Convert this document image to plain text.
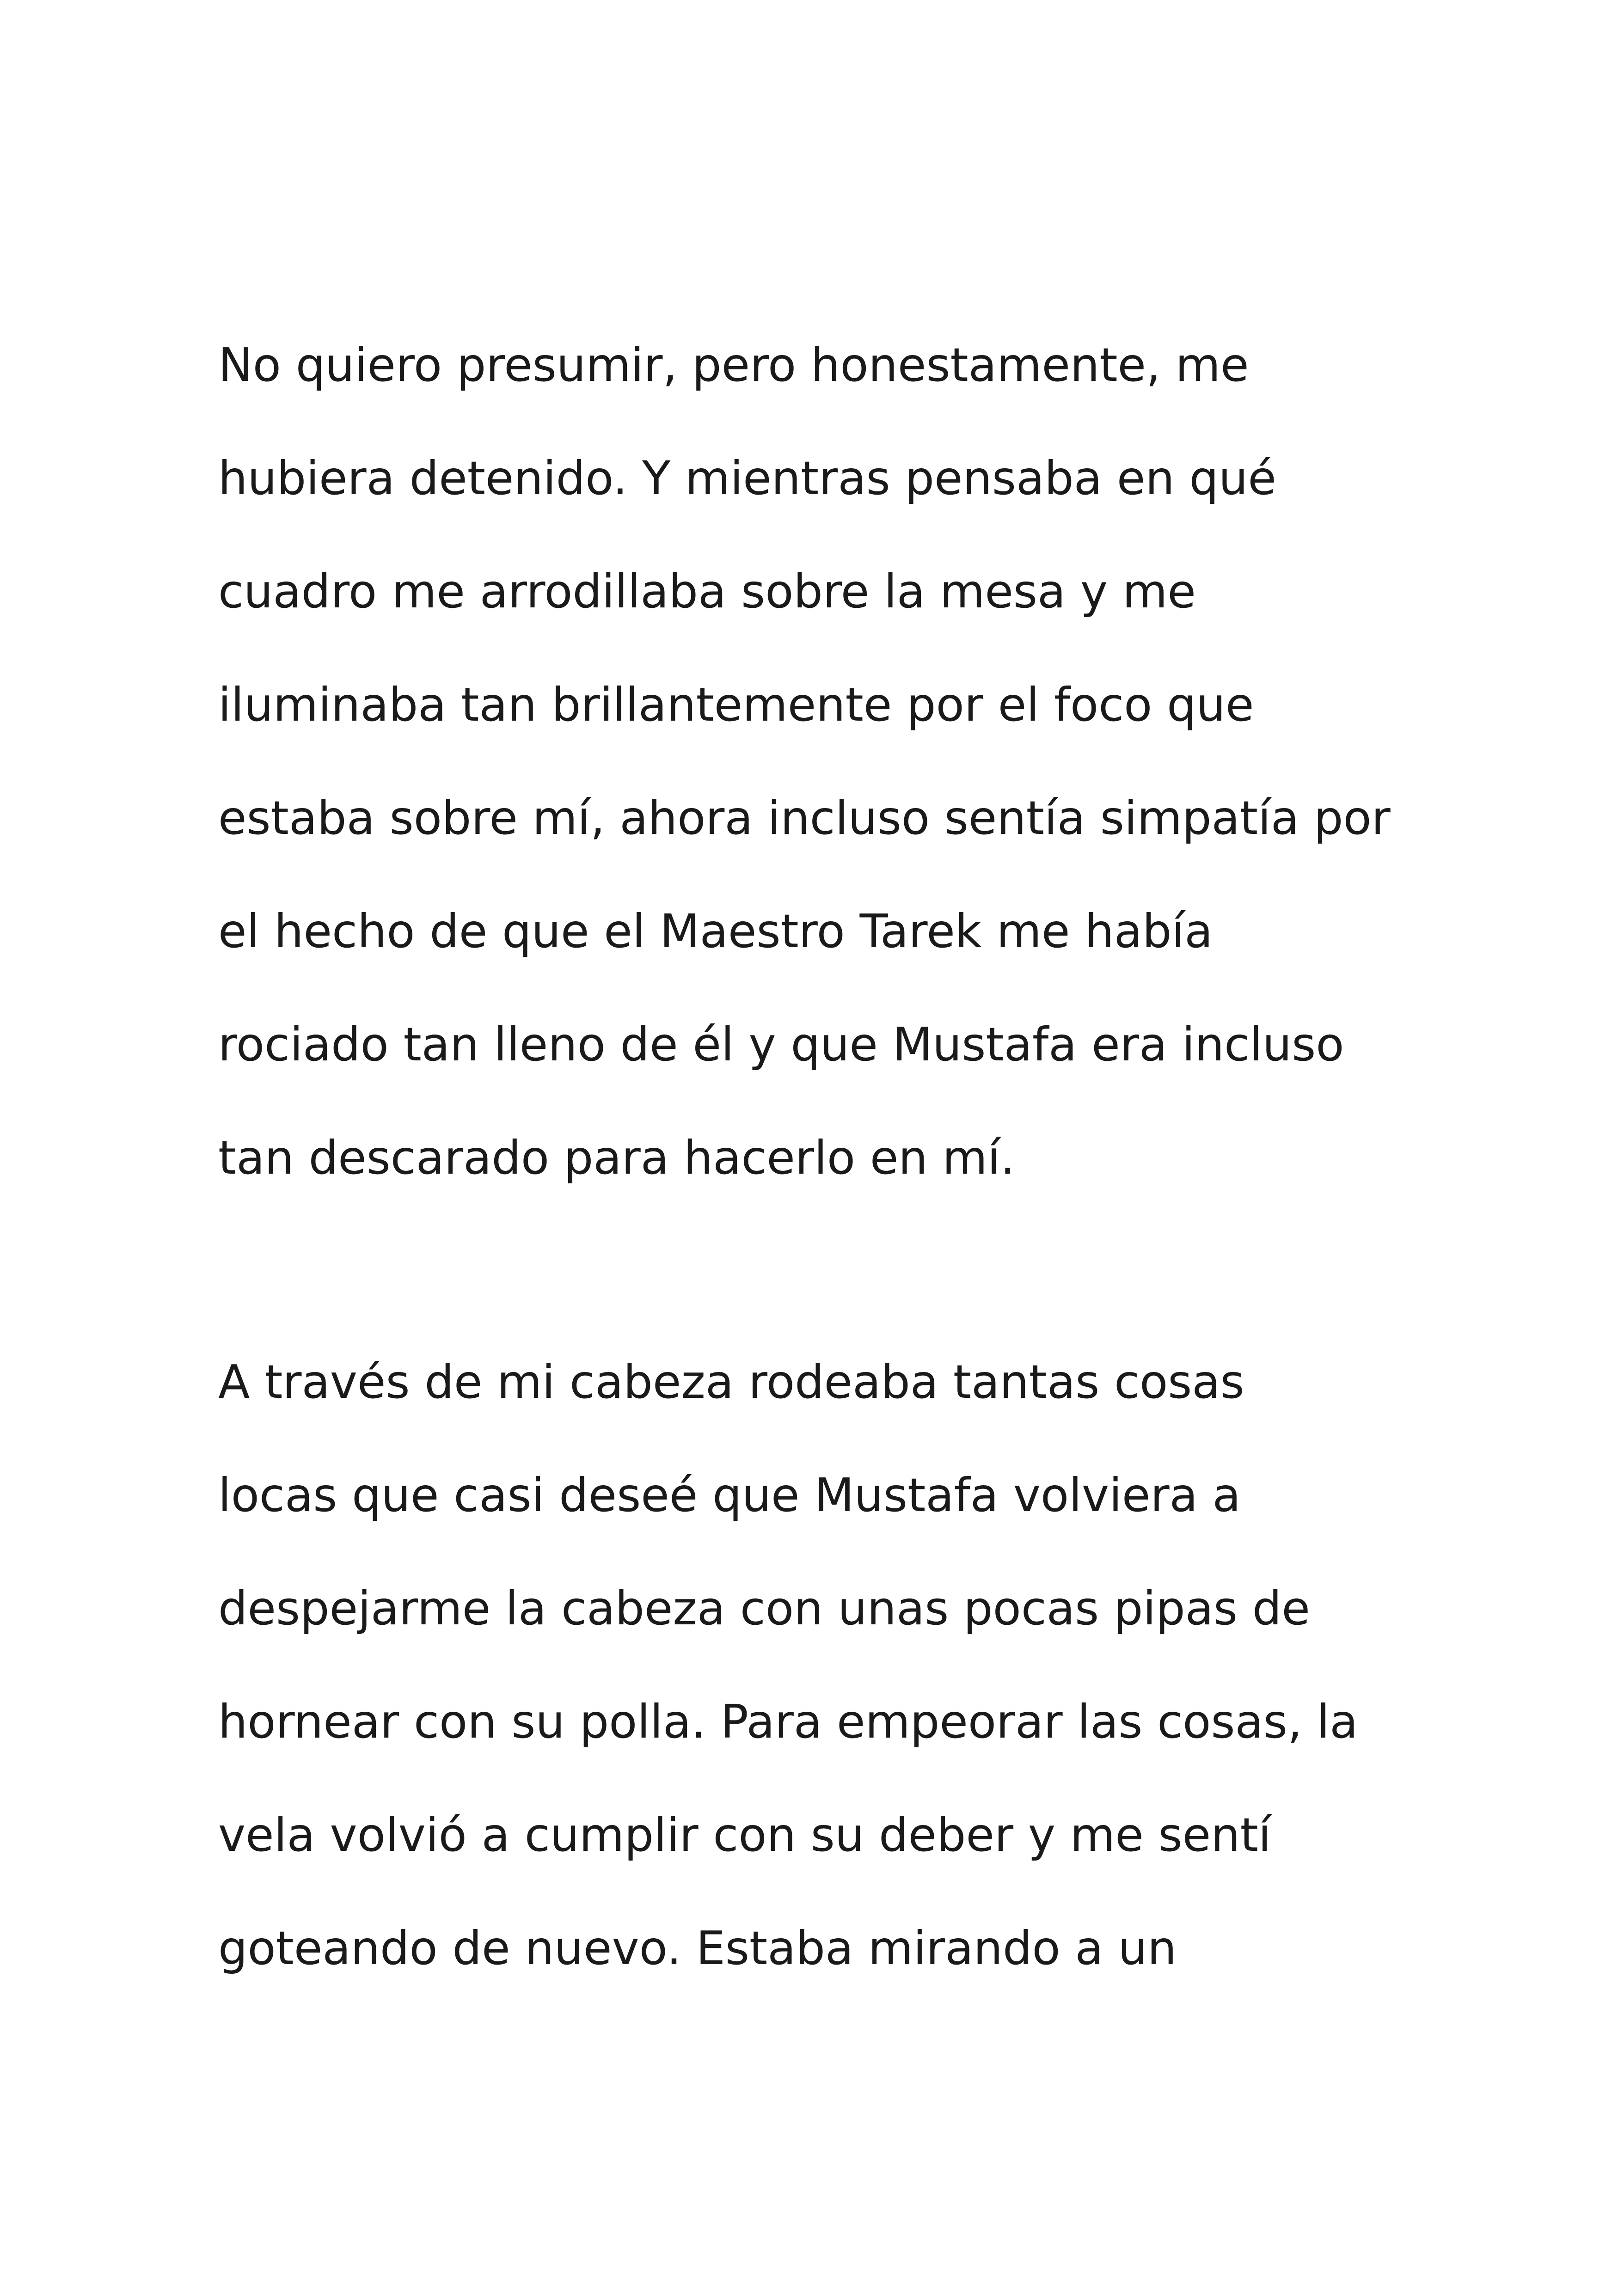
No quiero presumir, pero honestamente, me
hubiera detenido. Y mientras pensaba en qué
cuadro me arrodillaba sobre la mesa y me
iluminaba tan brillantemente por el foco que
estaba sobre mí, ahora incluso sentía simpatía por
el hecho de que el Maestro Tarek me había
rociado tan lleno de él y que Mustafa era incluso
tan descarado para hacerlo en mí.
A través de mi cabeza rodeaba tantas cosas
locas que casi deseé que Mustafa volviera a
despejarme la cabeza con unas pocas pipas de
hornear con su polla. Para empeorar las cosas, la
vela volvió a cumplir con su deber y me sentí
goteando de nuevo. Estaba mirando a un
